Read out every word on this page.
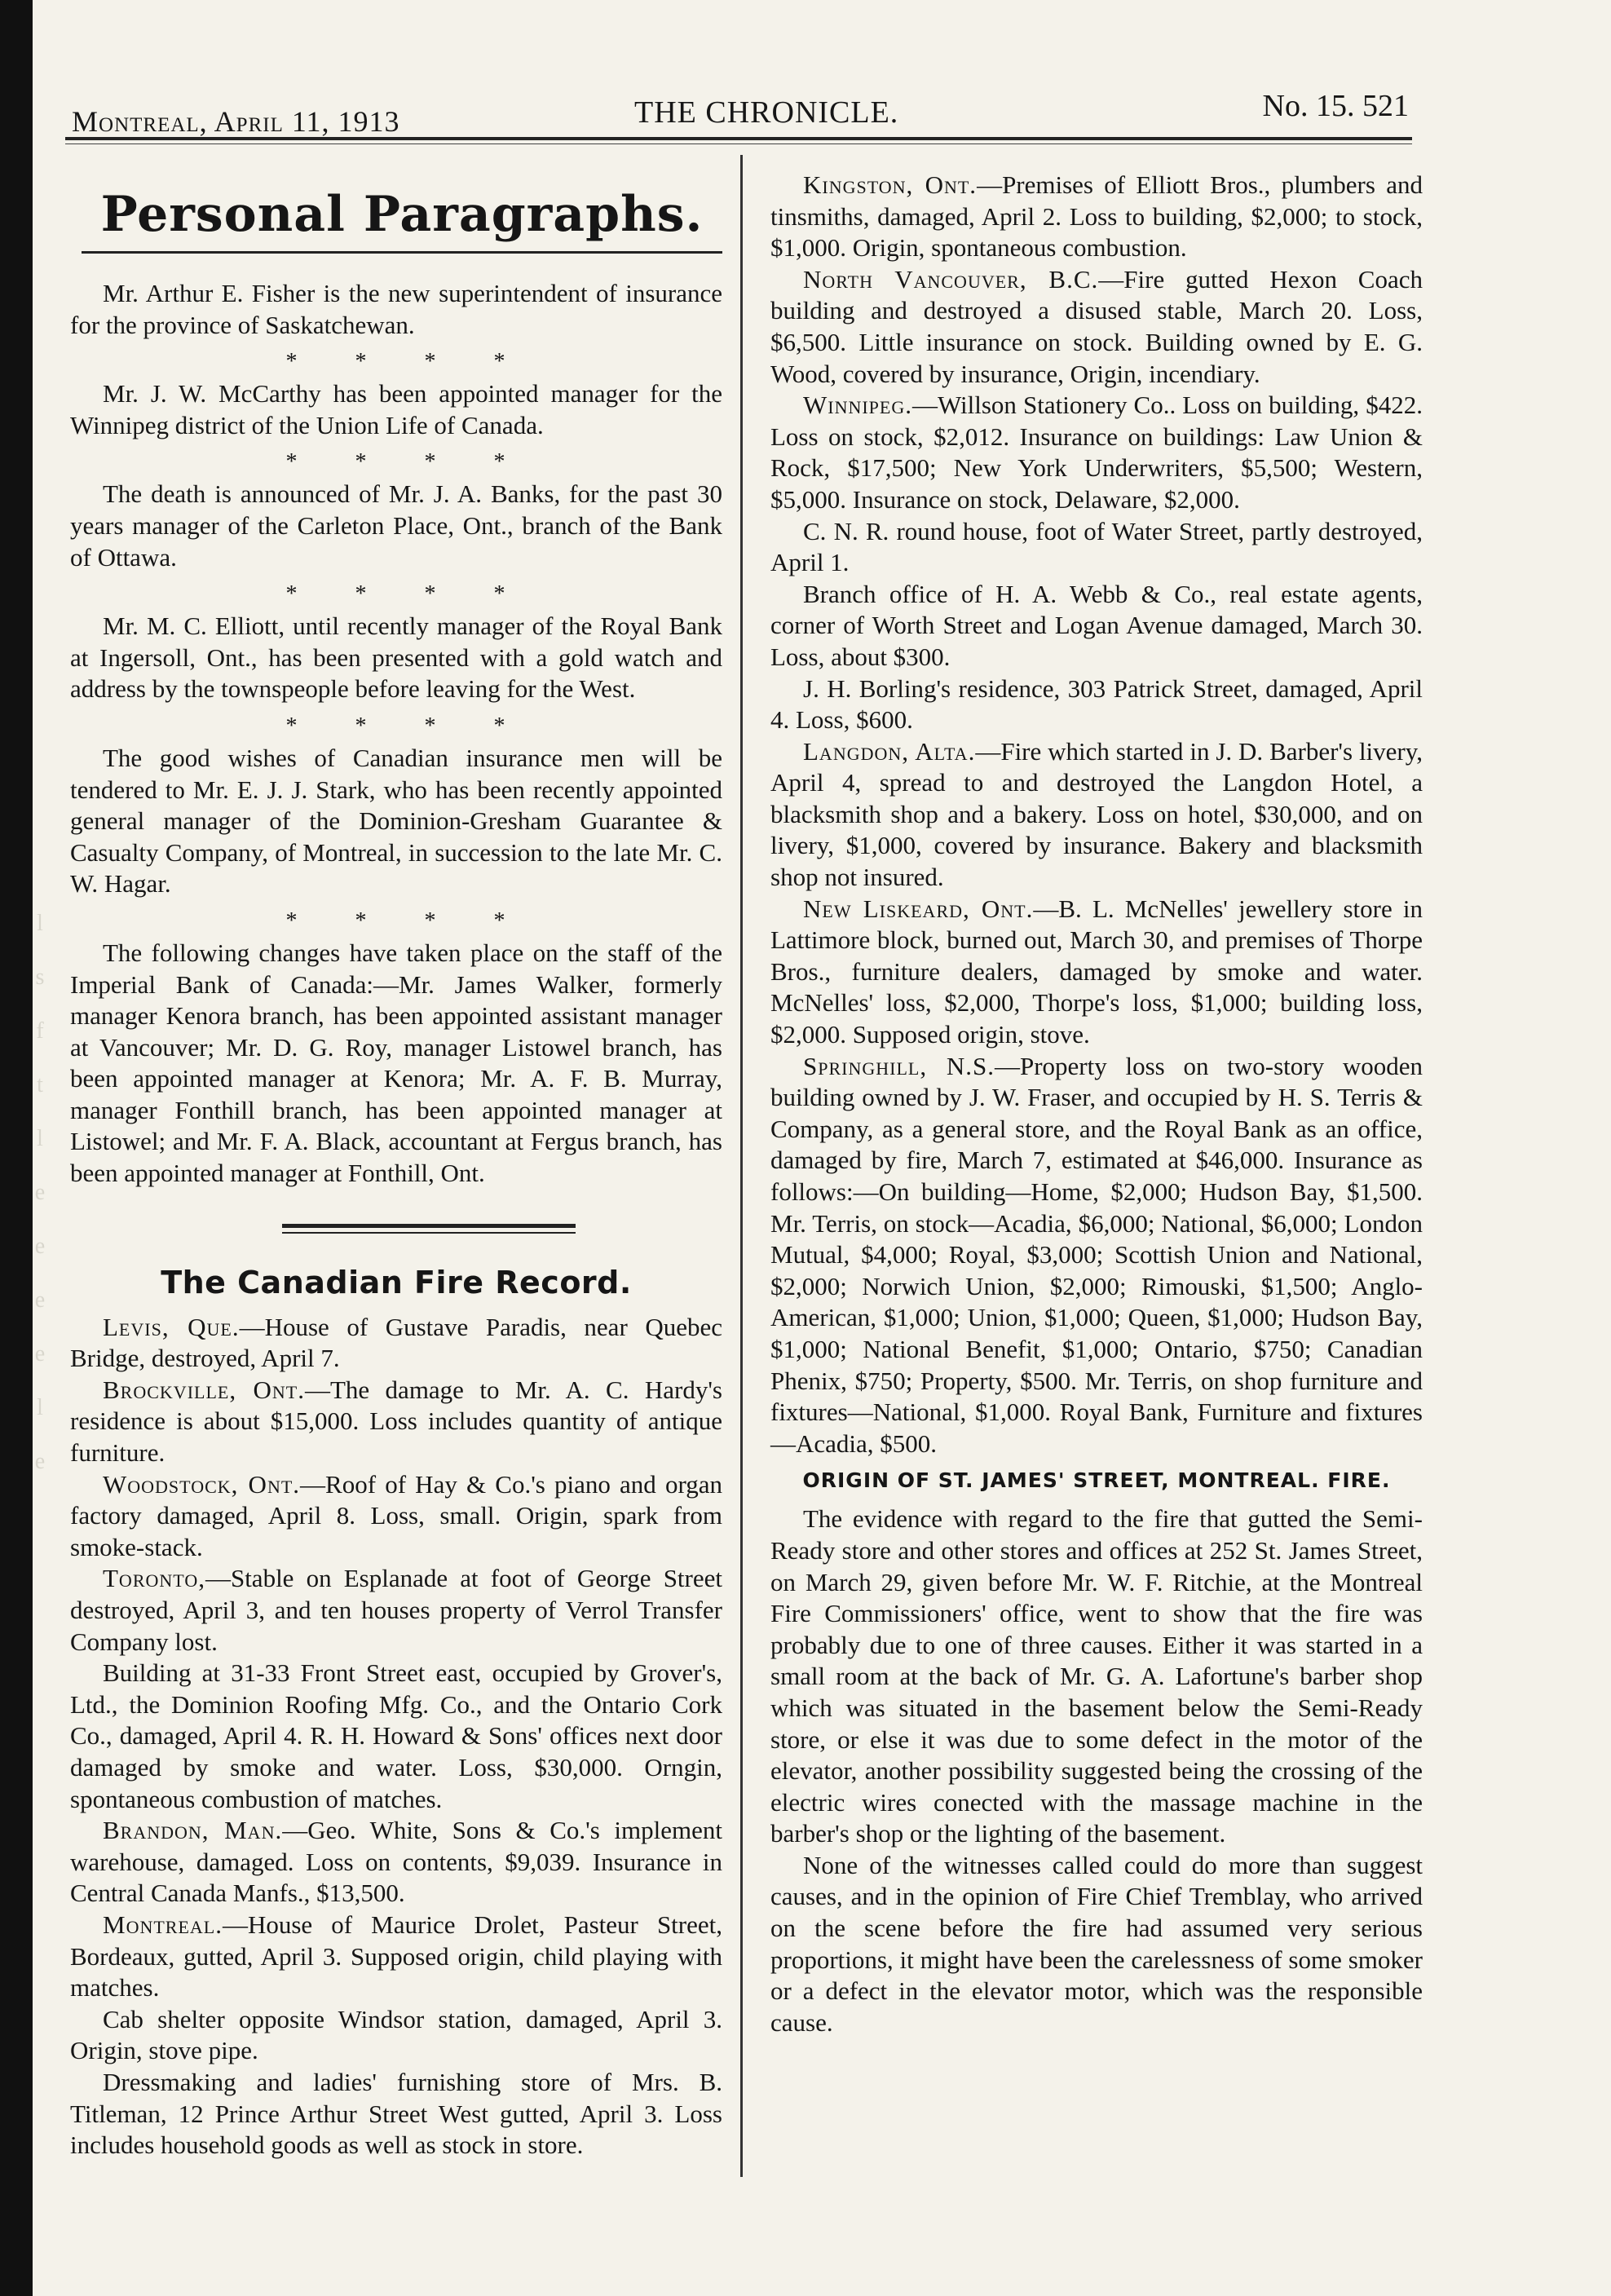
l
s
f
t
l
e
e
e
e
l
e
Montreal, April 11, 1913	THE CHRONICLE.	No. 15. 521
Personal Paragraphs.

Mr. Arthur E. Fisher is the new superintendent of insurance for the province of Saskatchewan.

* * * *

Mr. J. W. McCarthy has been appointed manager for the Winnipeg district of the Union Life of Canada.

* * * *

The death is announced of Mr. J. A. Banks, for the past 30 years manager of the Carleton Place, Ont., branch of the Bank of Ottawa.

* * * *

Mr. M. C. Elliott, until recently manager of the Royal Bank at Ingersoll, Ont., has been presented with a gold watch and address by the townspeople before leaving for the West.

* * * *

The good wishes of Canadian insurance men will be tendered to Mr. E. J. J. Stark, who has been recently appointed general manager of the Dominion-Gresham Guarantee & Casualty Company, of Montreal, in succession to the late Mr. C. W. Hagar.

* * * *

The following changes have taken place on the staff of the Imperial Bank of Canada:—Mr. James Walker, formerly manager Kenora branch, has been appointed assistant manager at Vancouver; Mr. D. G. Roy, manager Listowel branch, has been appointed manager at Kenora; Mr. A. F. B. Murray, manager Fonthill branch, has been appointed manager at Listowel; and Mr. F. A. Black, accountant at Fergus branch, has been appointed manager at Fonthill, Ont.

The Canadian Fire Record.

Levis, Que.—House of Gustave Paradis, near Quebec Bridge, destroyed, April 7.

Brockville, Ont.—The damage to Mr. A. C. Hardy's residence is about $15,000. Loss includes quantity of antique furniture.

Woodstock, Ont.—Roof of Hay & Co.'s piano and organ factory damaged, April 8. Loss, small. Origin, spark from smoke-stack.

Toronto,—Stable on Esplanade at foot of George Street destroyed, April 3, and ten houses property of Verrol Transfer Company lost.

Building at 31-33 Front Street east, occupied by Grover's, Ltd., the Dominion Roofing Mfg. Co., and the Ontario Cork Co., damaged, April 4. R. H. Howard & Sons' offices next door damaged by smoke and water. Loss, $30,000. Orngin, spontaneous combustion of matches.

Brandon, Man.—Geo. White, Sons & Co.'s implement warehouse, damaged. Loss on contents, $9,039. Insurance in Central Canada Manfs., $13,500.

Montreal.—House of Maurice Drolet, Pasteur Street, Bordeaux, gutted, April 3. Supposed origin, child playing with matches.

Cab shelter opposite Windsor station, damaged, April 3. Origin, stove pipe.

Dressmaking and ladies' furnishing store of Mrs. B. Titleman, 12 Prince Arthur Street West gutted, April 3. Loss includes household goods as well as stock in store.

Kingston, Ont.—Premises of Elliott Bros., plumbers and tinsmiths, damaged, April 2. Loss to building, $2,000; to stock, $1,000. Origin, spontaneous combustion.

North Vancouver, B.C.—Fire gutted Hexon Coach building and destroyed a disused stable, March 20. Loss, $6,500. Little insurance on stock. Building owned by E. G. Wood, covered by insurance, Origin, incendiary.

Winnipeg.—Willson Stationery Co.. Loss on building, $422. Loss on stock, $2,012. Insurance on buildings: Law Union & Rock, $17,500; New York Underwriters, $5,500; Western, $5,000. Insurance on stock, Delaware, $2,000.

C. N. R. round house, foot of Water Street, partly destroyed, April 1.

Branch office of H. A. Webb & Co., real estate agents, corner of Worth Street and Logan Avenue damaged, March 30. Loss, about $300.

J. H. Borling's residence, 303 Patrick Street, damaged, April 4. Loss, $600.

Langdon, Alta.—Fire which started in J. D. Barber's livery, April 4, spread to and destroyed the Langdon Hotel, a blacksmith shop and a bakery. Loss on hotel, $30,000, and on livery, $1,000, covered by insurance. Bakery and blacksmith shop not insured.

New Liskeard, Ont.—B. L. McNelles' jewellery store in Lattimore block, burned out, March 30, and premises of Thorpe Bros., furniture dealers, damaged by smoke and water. McNelles' loss, $2,000, Thorpe's loss, $1,000; building loss, $2,000. Supposed origin, stove.

Springhill, N.S.—Property loss on two-story wooden building owned by J. W. Fraser, and occupied by H. S. Terris & Company, as a general store, and the Royal Bank as an office, damaged by fire, March 7, estimated at $46,000. Insurance as follows:—On building—Home, $2,000; Hudson Bay, $1,500. Mr. Terris, on stock—Acadia, $6,000; National, $6,000; London Mutual, $4,000; Royal, $3,000; Scottish Union and National, $2,000; Norwich Union, $2,000; Rimouski, $1,500; Anglo-American, $1,000; Union, $1,000; Queen, $1,000; Hudson Bay, $1,000; National Benefit, $1,000; Ontario, $750; Canadian Phenix, $750; Property, $500. Mr. Terris, on shop furniture and fixtures—National, $1,000. Royal Bank, Furniture and fixtures—Acadia, $500.

ORIGIN OF ST. JAMES' STREET, MONTREAL. FIRE.

The evidence with regard to the fire that gutted the Semi-Ready store and other stores and offices at 252 St. James Street, on March 29, given before Mr. W. F. Ritchie, at the Montreal Fire Commissioners' office, went to show that the fire was probably due to one of three causes. Either it was started in a small room at the back of Mr. G. A. Lafortune's barber shop which was situated in the basement below the Semi-Ready store, or else it was due to some defect in the motor of the elevator, another possibility suggested being the crossing of the electric wires conected with the massage machine in the barber's shop or the lighting of the basement.

None of the witnesses called could do more than suggest causes, and in the opinion of Fire Chief Tremblay, who arrived on the scene before the fire had assumed very serious proportions, it might have been the carelessness of some smoker or a defect in the elevator motor, which was the responsible cause.
